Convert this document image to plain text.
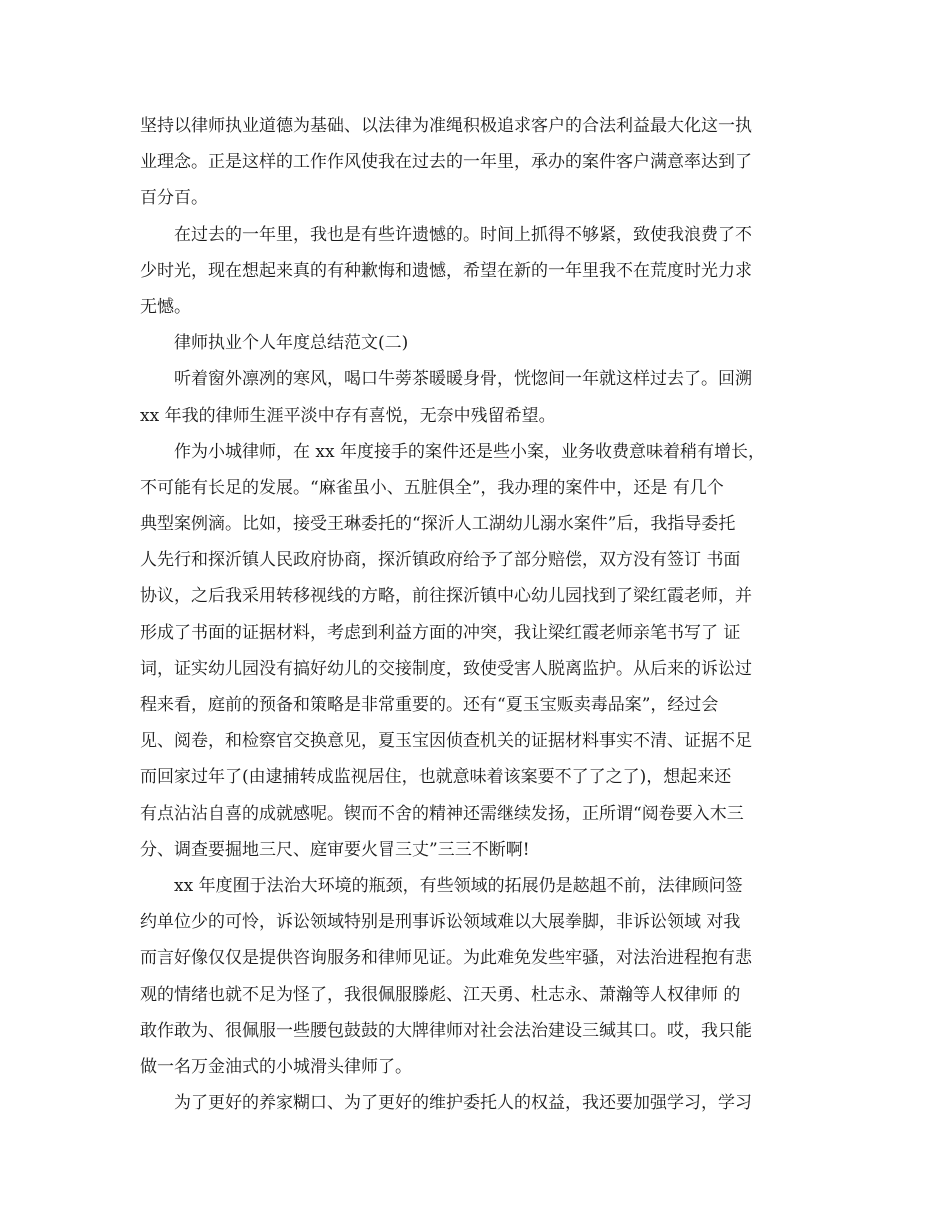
坚持以律师执业道德为基础、以法律为准绳积极追求客户的合法利益最大化这一执
业理念。正是这样的工作作风使我在过去的一年里，承办的案件客户满意率达到了
百分百。
在过去的一年里，我也是有些许遗憾的。时间上抓得不够紧，致使我浪费了不
少时光，现在想起来真的有种歉悔和遗憾，希望在新的一年里我不在荒度时光力求
无憾。
律师执业个人年度总结范文(二)
听着窗外凛冽的寒风，喝口牛蒡茶暖暖身骨，恍惚间一年就这样过去了。回溯
xx 年我的律师生涯平淡中存有喜悦，无奈中残留希望。
作为小城律师，在 xx 年度接手的案件还是些小案，业务收费意味着稍有增长，
不可能有长足的发展。“麻雀虽小、五脏俱全”，我办理的案件中，还是 有几个
典型案例滴。比如，接受王琳委托的“探沂人工湖幼儿溺水案件”后，我指导委托
人先行和探沂镇人民政府协商，探沂镇政府给予了部分赔偿，双方没有签订 书面
协议，之后我采用转移视线的方略，前往探沂镇中心幼儿园找到了梁红霞老师，并
形成了书面的证据材料，考虑到利益方面的冲突，我让梁红霞老师亲笔书写了 证
词，证实幼儿园没有搞好幼儿的交接制度，致使受害人脱离监护。从后来的诉讼过
程来看，庭前的预备和策略是非常重要的。还有“夏玉宝贩卖毒品案”，经过会
见、阅卷，和检察官交换意见，夏玉宝因侦查机关的证据材料事实不清、证据不足
而回家过年了(由逮捕转成监视居住，也就意味着该案要不了了之了)，想起来还
有点沾沾自喜的成就感呢。锲而不舍的精神还需继续发扬，正所谓“阅卷要入木三
分、调查要掘地三尺、庭审要火冒三丈”三三不断啊!
xx 年度囿于法治大环境的瓶颈，有些领域的拓展仍是趑趄不前，法律顾问签
约单位少的可怜，诉讼领域特别是刑事诉讼领域难以大展拳脚，非诉讼领域 对我
而言好像仅仅是提供咨询服务和律师见证。为此难免发些牢骚，对法治进程抱有悲
观的情绪也就不足为怪了，我很佩服滕彪、江天勇、杜志永、萧瀚等人权律师 的
敢作敢为、很佩服一些腰包鼓鼓的大牌律师对社会法治建设三缄其口。哎，我只能
做一名万金油式的小城滑头律师了。
为了更好的养家糊口、为了更好的维护委托人的权益，我还要加强学习，学习
